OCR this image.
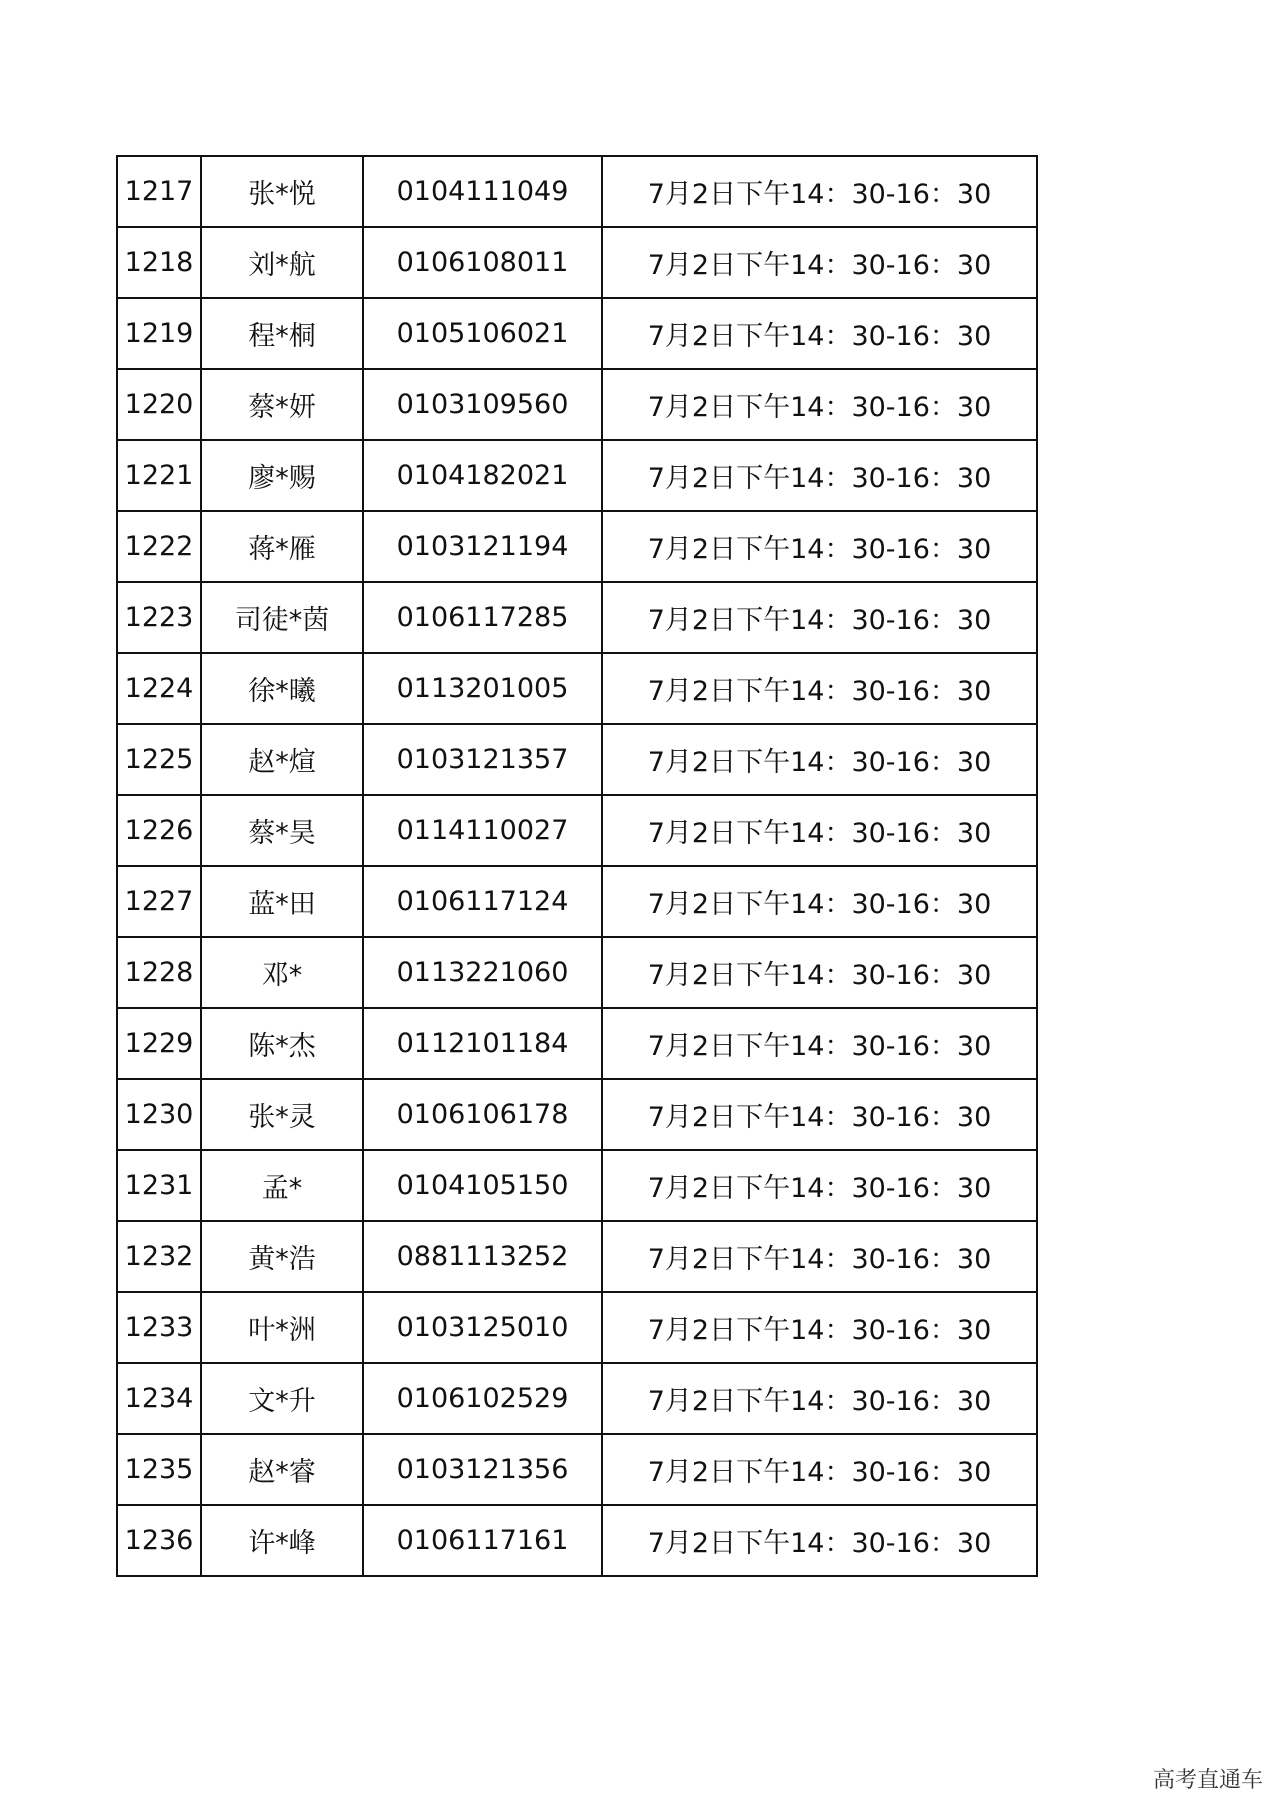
1217	张*悦	0104111049	7月2日下午14：30-16：30
1218	刘*航	0106108011	7月2日下午14：30-16：30
1219	程*桐	0105106021	7月2日下午14：30-16：30
1220	蔡*妍	0103109560	7月2日下午14：30-16：30
1221	廖*赐	0104182021	7月2日下午14：30-16：30
1222	蒋*雁	0103121194	7月2日下午14：30-16：30
1223	司徒*茵	0106117285	7月2日下午14：30-16：30
1224	徐*曦	0113201005	7月2日下午14：30-16：30
1225	赵*煊	0103121357	7月2日下午14：30-16：30
1226	蔡*昊	0114110027	7月2日下午14：30-16：30
1227	蓝*田	0106117124	7月2日下午14：30-16：30
1228	邓*	0113221060	7月2日下午14：30-16：30
1229	陈*杰	0112101184	7月2日下午14：30-16：30
1230	张*灵	0106106178	7月2日下午14：30-16：30
1231	孟*	0104105150	7月2日下午14：30-16：30
1232	黄*浩	0881113252	7月2日下午14：30-16：30
1233	叶*洲	0103125010	7月2日下午14：30-16：30
1234	文*升	0106102529	7月2日下午14：30-16：30
1235	赵*睿	0103121356	7月2日下午14：30-16：30
1236	许*峰	0106117161	7月2日下午14：30-16：30
高考直通车
